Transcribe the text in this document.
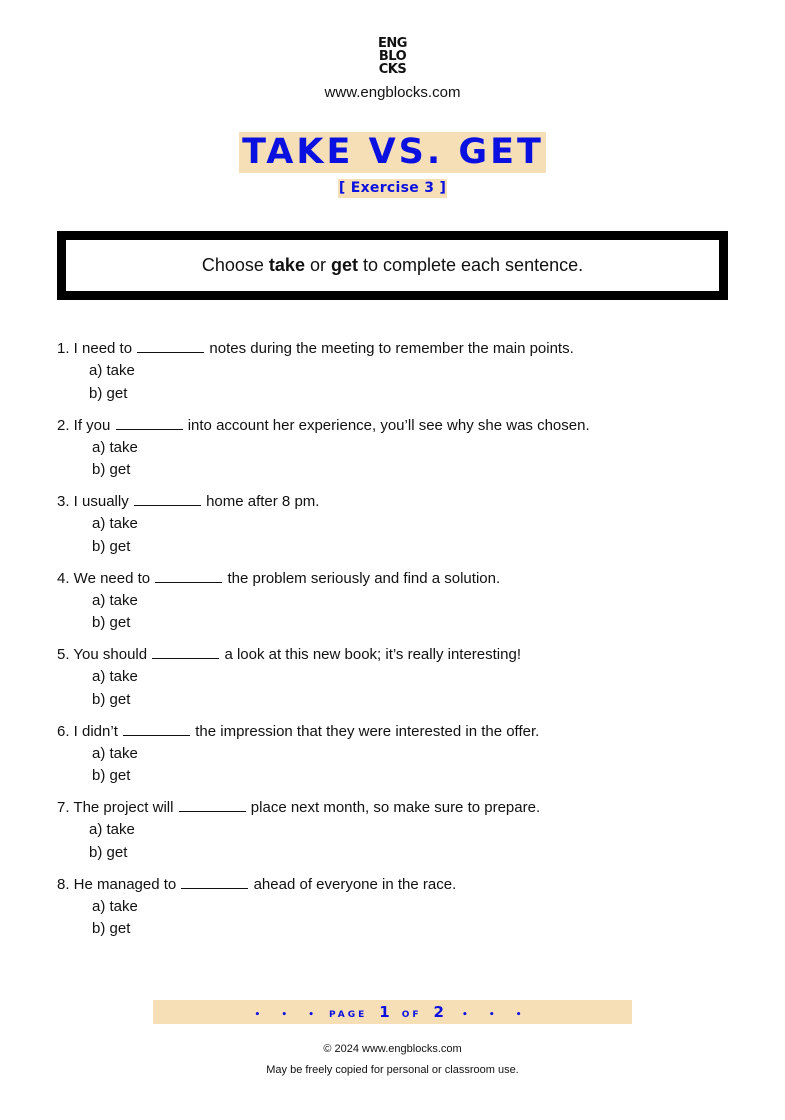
ENG
BLO
CKS
www.engblocks.com
TAKE VS. GET
[ Exercise 3 ]
Choose take or get to complete each sentence.
1. I need to	notes during the meeting to remember the main points.
a) take
b) get
2. If you	into account her experience, you’ll see why she was chosen.
a) take
b) get
3. I usually	home after 8 pm.
a) take
b) get
4. We need to	the problem seriously and find a solution.
a) take
b) get
5. You should	a look at this new book; it’s really interesting!
a) take
b) get
6. I didn’t	the impression that they were interested in the offer.
a) take
b) get
7. The project will	place next month, so make sure to prepare.
a) take
b) get
8. He managed to	ahead of everyone in the race.
a) take
b) get
• • • PAGE 1 OF 2 • • •
© 2024 www.engblocks.com
May be freely copied for personal or classroom use.
